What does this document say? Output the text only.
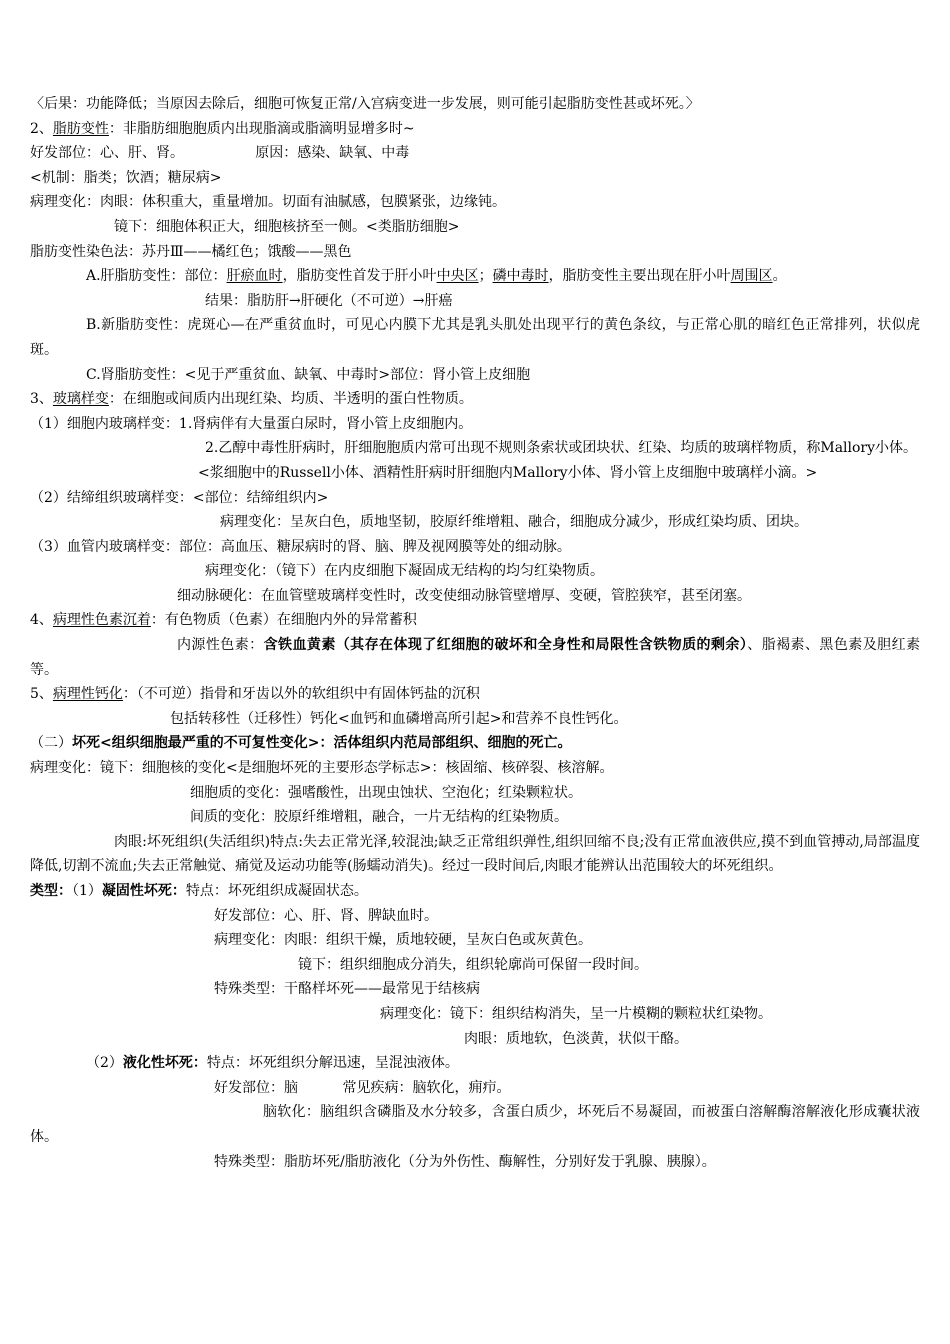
〈后果：功能降低；当原因去除后，细胞可恢复正常/入宫病变进一步发展，则可能引起脂肪变性甚或坏死。〉
2、脂肪变性：非脂肪细胞胞质内出现脂滴或脂滴明显增多时~
好发部位：心、肝、肾。                原因：感染、缺氧、中毒
<机制：脂类；饮酒；糖尿病>
病理变化：肉眼：体积重大，重量增加。切面有油腻感，包膜紧张，边缘钝。
镜下：细胞体积正大，细胞核挤至一侧。<类脂肪细胞>
脂肪变性染色法：苏丹Ⅲ——橘红色；饿酸——黑色
A.肝脂肪变性：部位：肝瘀血时，脂肪变性首发于肝小叶中央区；磷中毒时，脂肪变性主要出现在肝小叶周围区。
结果：脂肪肝→肝硬化（不可逆）→肝癌
B.新脂肪变性：虎斑心—在严重贫血时，可见心内膜下尤其是乳头肌处出现平行的黄色条纹，与正常心肌的暗红色正常排列，状似虎斑。
C.肾脂肪变性：<见于严重贫血、缺氧、中毒时>部位：肾小管上皮细胞
3、玻璃样变：在细胞或间质内出现红染、均质、半透明的蛋白性物质。
（1）细胞内玻璃样变：1.肾病伴有大量蛋白尿时，肾小管上皮细胞内。
2.乙醇中毒性肝病时，肝细胞胞质内常可出现不规则条索状或团块状、红染、均质的玻璃样物质，称Mallory小体。
<浆细胞中的Russell小体、酒精性肝病时肝细胞内Mallory小体、肾小管上皮细胞中玻璃样小滴。>
（2）结缔组织玻璃样变：<部位：结缔组织内>
病理变化：呈灰白色，质地坚韧，胶原纤维增粗、融合，细胞成分减少，形成红染均质、团块。
（3）血管内玻璃样变：部位：高血压、糖尿病时的肾、脑、脾及视网膜等处的细动脉。
病理变化：（镜下）在内皮细胞下凝固成无结构的均匀红染物质。
细动脉硬化：在血管壁玻璃样变性时，改变使细动脉管壁增厚、变硬，管腔狭窄，甚至闭塞。
4、病理性色素沉着：有色物质（色素）在细胞内外的异常蓄积
内源性色素：含铁血黄素（其存在体现了红细胞的破坏和全身性和局限性含铁物质的剩余）、脂褐素、黑色素及胆红素等。
5、病理性钙化：（不可逆）指骨和牙齿以外的软组织中有固体钙盐的沉积
包括转移性（迁移性）钙化<血钙和血磷增高所引起>和营养不良性钙化。
（二）坏死<组织细胞最严重的不可复性变化>：活体组织内范局部组织、细胞的死亡。
病理变化：镜下：细胞核的变化<是细胞坏死的主要形态学标志>：核固缩、核碎裂、核溶解。
细胞质的变化：强嗜酸性，出现虫蚀状、空泡化；红染颗粒状。
间质的变化：胶原纤维增粗，融合，一片无结构的红染物质。
肉眼:坏死组织(失活组织)特点:失去正常光泽,较混浊;缺乏正常组织弹性,组织回缩不良;没有正常血液供应,摸不到血管搏动,局部温度降低,切割不流血;失去正常触觉、痛觉及运动功能等(肠蠕动消失)。经过一段时间后,肉眼才能辨认出范围较大的坏死组织。
类型：（1）凝固性坏死：特点：坏死组织成凝固状态。
好发部位：心、肝、肾、脾缺血时。
病理变化：肉眼：组织干燥，质地较硬，呈灰白色或灰黄色。
镜下：组织细胞成分消失，组织轮廓尚可保留一段时间。
特殊类型：干酪样坏死——最常见于结核病
病理变化：镜下：组织结构消失，呈一片模糊的颗粒状红染物。
肉眼：质地软，色淡黄，状似干酪。
（2）液化性坏死：特点：坏死组织分解迅速，呈混浊液体。
好发部位：脑          常见疾病：脑软化，痈疖。
脑软化：脑组织含磷脂及水分较多，含蛋白质少，坏死后不易凝固，而被蛋白溶解酶溶解液化形成囊状液体。
特殊类型：脂肪坏死/脂肪液化（分为外伤性、酶解性，分别好发于乳腺、胰腺）。
